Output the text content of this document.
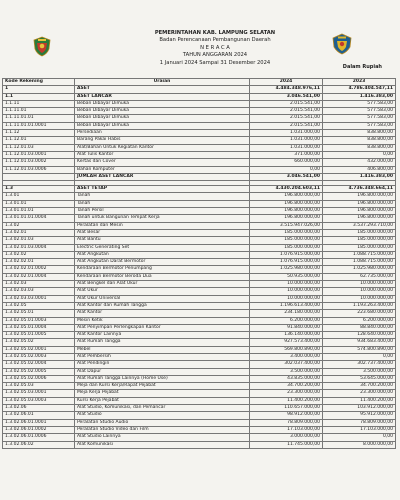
PEMERINTAHAN KAB. LAMPUNG SELATAN
Badan Perencanaan Pembangunan Daerah
N E R A C A
TAHUN ANGGARAN 2024
1 Januari 2024 Sampai 31 Desember 2024
Dalam Rupiah
Kode Rekening	Uraian	2024	2023
1	ASET	4.484.348.976,11	4.786.404.547,11
1.1	ASET LANCAR	3.046.541,00	1.416.383,00
1.1.11	Beban Dibayar Dimuka	2.015.541,00	577.583,00
1.1.11.01	Beban Dibayar Dimuka	2.015.541,00	577.583,00
1.1.11.01.01	Beban Dibayar Dimuka	2.015.541,00	577.583,00
1.1.11.01.01.0001	Beban Dibayar Dimuka	2.015.541,00	577.583,00
1.1.12	Persediaan	1.031.000,00	838.800,00
1.1.12.01	Barang Pakai Habis	1.031.000,00	838.800,00
1.1.12.01.03	Alat/Bahan Untuk Kegiatan Kantor	1.031.000,00	838.800,00
1.1.12.01.03.0001	Alat Tulis Kantor	371.000,00	0,00
1.1.12.01.03.0002	Kertas dan Cover	660.000,00	432.000,00
1.1.12.01.03.0006	Bahan Komputer	0,00	406.800,00
	JUMLAH ASET LANCAR	3.046.541,00	1.416.383,00

1.3	ASET TETAP	4.430.204.603,11	4.736.348.664,11
1.3.01	Tanah	196.800.000,00	196.800.000,00
1.3.01.01	Tanah	196.800.000,00	196.800.000,00
1.3.01.01.01	Tanah Persil	196.800.000,00	196.800.000,00
1.3.01.01.01.0004	Tanah untuk Bangunan Tempat Kerja	196.800.000,00	196.800.000,00
1.3.02	Peralatan dan Mesin	3.515.947.026,00	3.537.293.710,00
1.3.02.01	Alat Besar	185.000.000,00	185.000.000,00
1.3.02.01.03	Alat Bantu	185.000.000,00	185.000.000,00
1.3.02.01.03.0004	Electric Generating Set	185.000.000,00	185.000.000,00
1.3.02.02	Alat Angkutan	1.076.915.000,00	1.088.715.000,00
1.3.02.02.01	Alat Angkutan Darat Bermotor	1.076.915.000,00	1.088.715.000,00
1.3.02.02.01.0002	Kendaraan Bermotor Penumpang	1.025.980.000,00	1.025.980.000,00
1.3.02.02.01.0004	Kendaraan Bermotor Beroda Dua	50.935.000,00	62.735.000,00
1.3.02.03	Alat Bengkel dan Alat Ukur	10.000.000,00	10.000.000,00
1.3.02.03.03	Alat Ukur	10.000.000,00	10.000.000,00
1.3.02.03.03.0001	Alat Ukur Universal	10.000.000,00	10.000.000,00
1.3.02.05	Alat Kantor dan Rumah Tangga	1.196.613.400,00	1.193.263.400,00
1.3.02.05.01	Alat Kantor	234.180.000,00	223.680.000,00
1.3.02.05.01.0003	Mesin Ketik	6.200.000,00	6.200.000,00
1.3.02.05.01.0004	Alat Penyimpan Perlengkapan Kantor	91.840.000,00	88.840.000,00
1.3.02.05.01.0005	Alat Kantor Lainnya	136.140.000,00	128.640.000,00
1.3.02.05.02	Alat Rumah Tangga	927.573.400,00	934.683.400,00
1.3.02.05.02.0001	Mebel	569.800.890,00	574.800.890,00
1.3.02.05.02.0003	Alat Pembersih	3.400.000,00	0,00
1.3.02.05.02.0004	Alat Pendingin	302.037.400,00	302.737.400,00
1.3.02.05.02.0005	Alat Dapur	3.500.000,00	3.500.000,00
1.3.02.05.02.0006	Alat Rumah Tangga Lainnya (Home Use)	43.835.000,00	53.645.000,00
1.3.02.05.03	Meja dan Kursi Kerja/Rapat Pejabat	34.700.200,00	34.700.200,00
1.3.02.05.03.0001	Meja Kerja Pejabat	23.300.000,00	23.300.000,00
1.3.02.05.03.0003	Kursi Kerja Pejabat	11.400.200,00	11.400.200,00
1.3.02.06	Alat Studio, Komunikasi, dan Pemancar	110.657.000,00	103.912.000,00
1.3.02.06.01	Alat Studio	98.912.000,00	95.912.000,00
1.3.02.06.01.0001	Peralatan Studio Audio	78.809.000,00	78.809.000,00
1.3.02.06.01.0002	Peralatan Studio Video dan Film	17.103.000,00	17.103.000,00
1.3.02.06.01.0006	Alat Studio Lainnya	3.000.000,00	0,00
1.3.02.06.02	Alat Komunikasi	11.745.000,00	8.000.000,00
